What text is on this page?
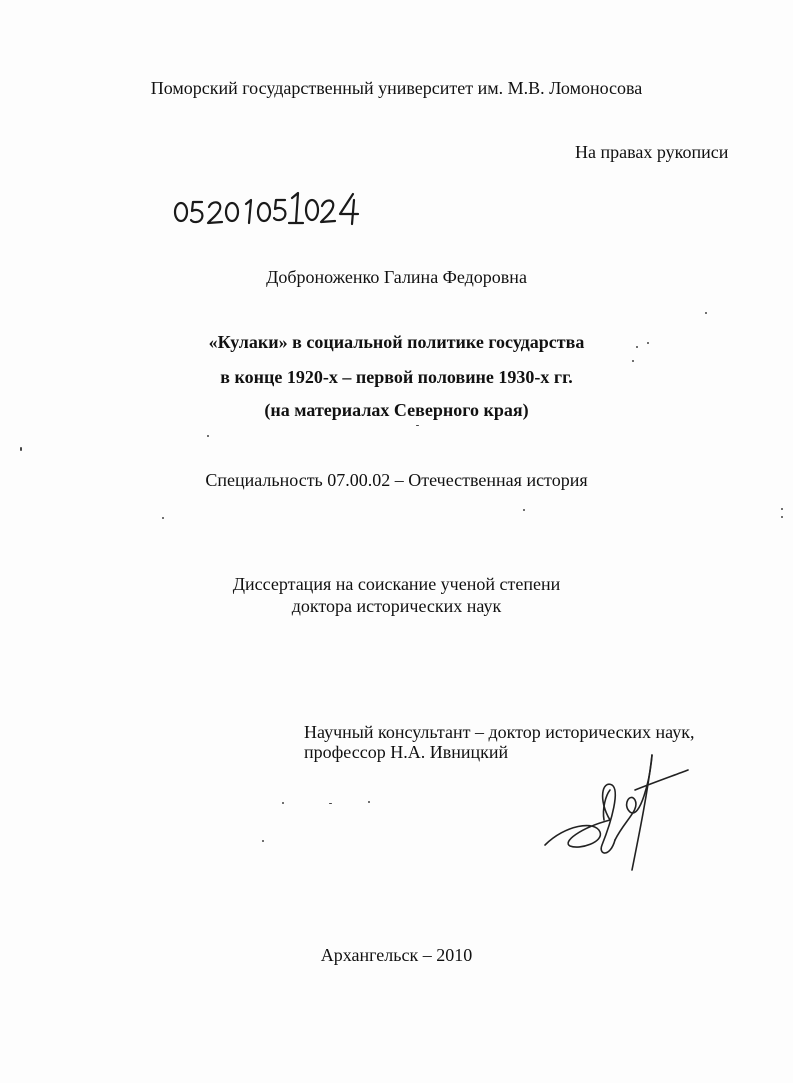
Поморский государственный университет им. М.В. Ломоносова
На правах рукописи
Доброноженко Галина Федоровна
«Кулаки» в социальной политике государства
в конце 1920-х – первой половине 1930-х гг.
(на материалах Северного края)
Специальность 07.00.02 – Отечественная история
Диссертация на соискание ученой степени
доктора исторических наук
Научный консультант – доктор исторических наук,
профессор Н.А. Ивницкий
Архангельск – 2010
